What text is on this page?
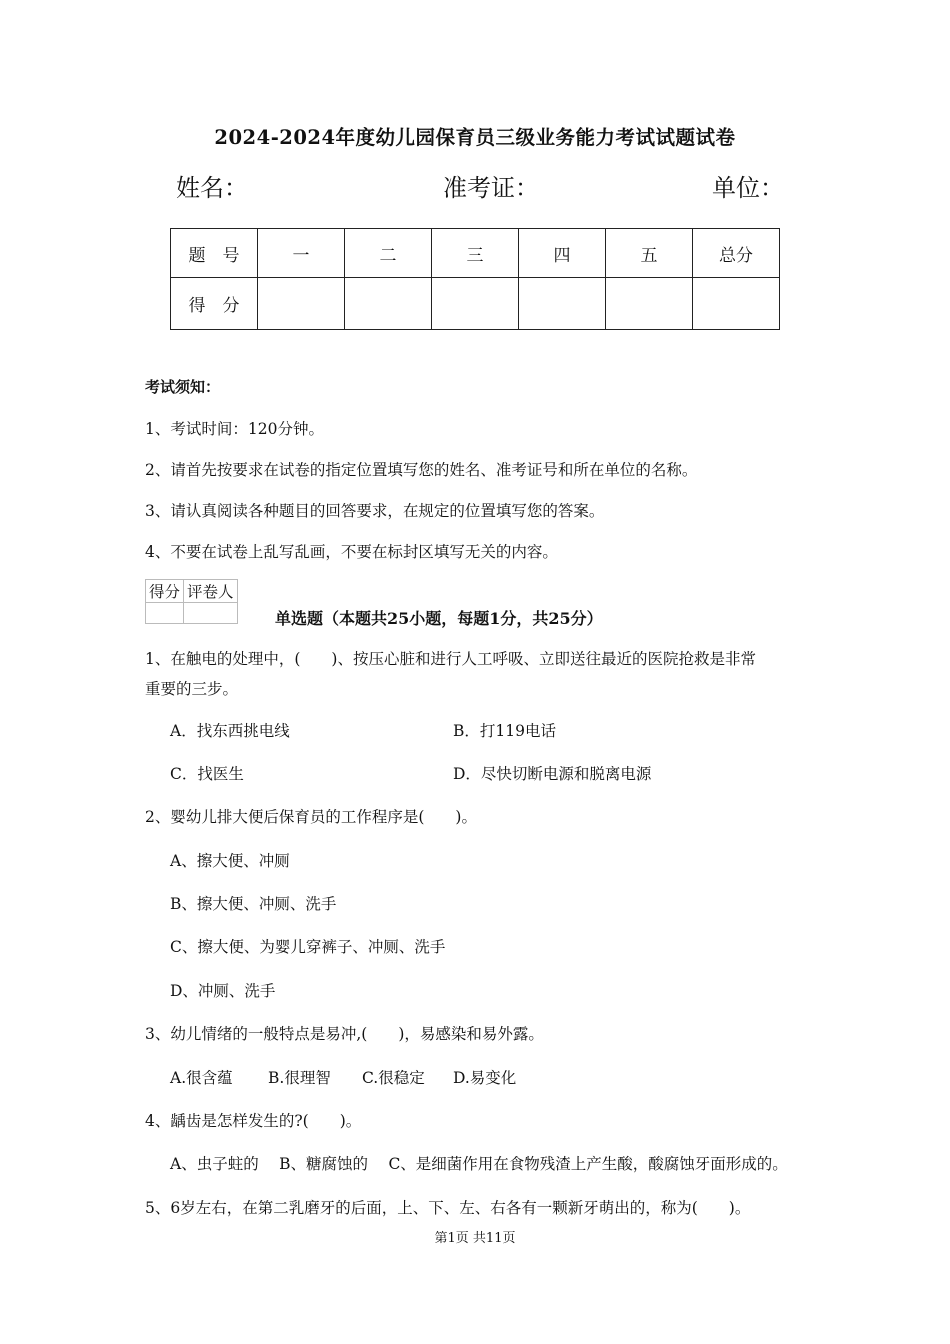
2024-2024年度幼儿园保育员三级业务能力考试试题试卷
姓名：	准考证：	单位：
题　号	一	二	三	四	五	总分
得　分						
考试须知：
1、考试时间：120分钟。
2、请首先按要求在试卷的指定位置填写您的姓名、准考证号和所在单位的名称。
3、请认真阅读各种题目的回答要求，在规定的位置填写您的答案。
4、不要在试卷上乱写乱画，不要在标封区填写无关的内容。
得分	评卷人

单选题（本题共25小题，每题1分，共25分）
1、在触电的处理中，(　　)、按压心脏和进行人工呼吸、立即送往最近的医院抢救是非常
重要的三步。
A．找东西挑电线	B．打119电话
C．找医生	D．尽快切断电源和脱离电源
2、婴幼儿排大便后保育员的工作程序是(　　)。
A、擦大便、冲厕
B、擦大便、冲厕、洗手
C、擦大便、为婴儿穿裤子、冲厕、洗手
D、冲厕、洗手
3、幼儿情绪的一般特点是易冲,(　　)，易感染和易外露。
A.很含蕴 B.很理智 C.很稳定 D.易变化
4、龋齿是怎样发生的?(　　)。
A、虫子蛀的　 B、糖腐蚀的　 C、是细菌作用在食物残渣上产生酸，酸腐蚀牙面形成的。
5、6岁左右，在第二乳磨牙的后面，上、下、左、右各有一颗新牙萌出的，称为(　　)。
第1页 共11页
